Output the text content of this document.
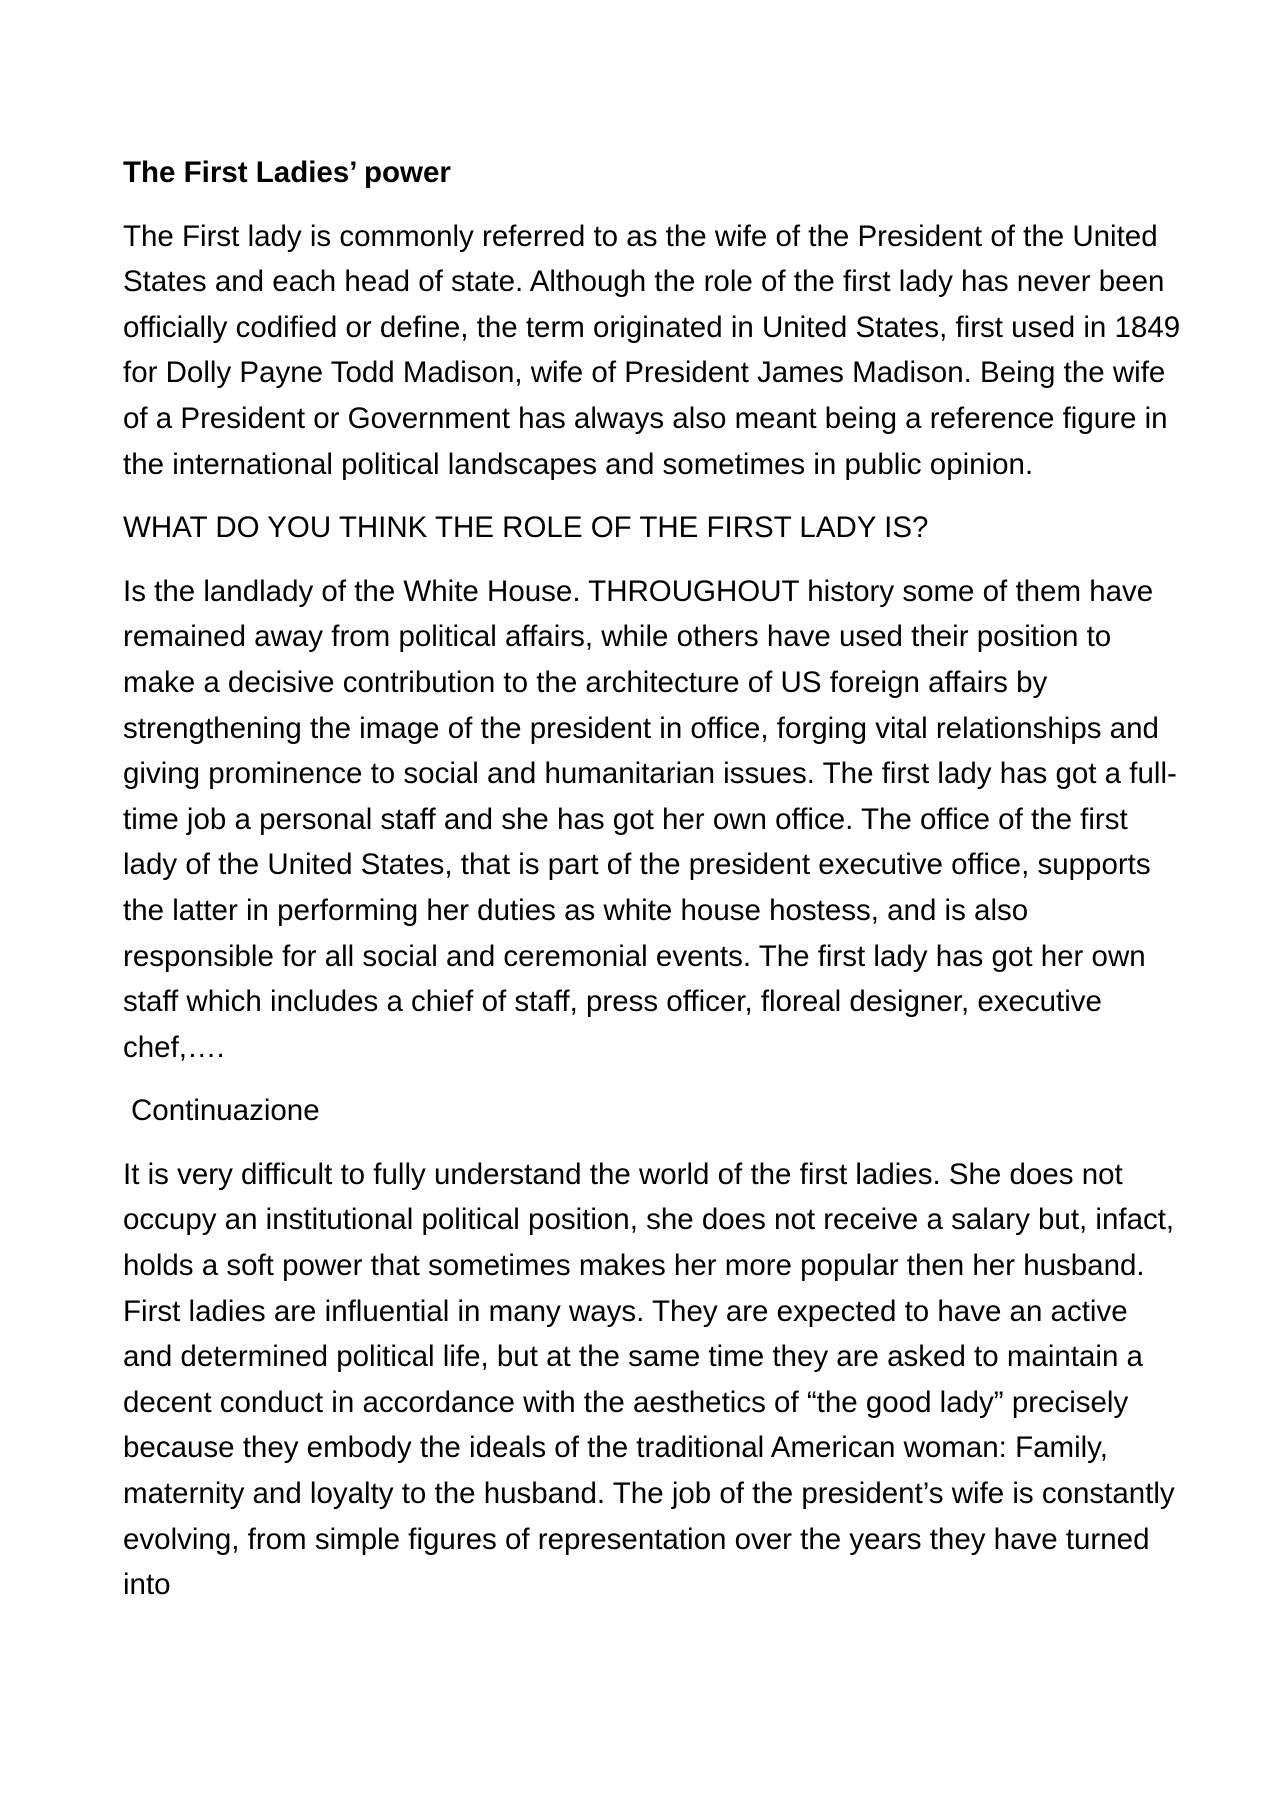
The First Ladies’ power

The First lady is commonly referred to as the wife of the President of the United States and each head of state. Although the role of the first lady has never been officially codified or define, the term originated in United States, first used in 1849 for Dolly Payne Todd Madison, wife of President James Madison. Being the wife of a President or Government has always also meant being a reference figure in the international political landscapes and sometimes in public opinion.

WHAT DO YOU THINK THE ROLE OF THE FIRST LADY IS?

Is the landlady of the White House. THROUGHOUT history some of them have remained away from political affairs, while others have used their position to make a decisive contribution to the architecture of US foreign affairs by strengthening the image of the president in office, forging vital relationships and giving prominence to social and humanitarian issues. The first lady has got a full-time job a personal staff and she has got her own office. The office of the first lady of the United States, that is part of the president executive office, supports the latter in performing her duties as white house hostess, and is also responsible for all social and ceremonial events. The first lady has got her own staff which includes a chief of staff, press officer, floreal designer, executive chef,….

Continuazione

It is very difficult to fully understand the world of the first ladies. She does not occupy an institutional political position, she does not receive a salary but, infact, holds a soft power that sometimes makes her more popular then her husband. First ladies are influential in many ways. They are expected to have an active and determined political life, but at the same time they are asked to maintain a decent conduct in accordance with the aesthetics of “the good lady” precisely because they embody the ideals of the traditional American woman: Family, maternity and loyalty to the husband. The job of the president’s wife is constantly evolving, from simple figures of representation over the years they have turned into
